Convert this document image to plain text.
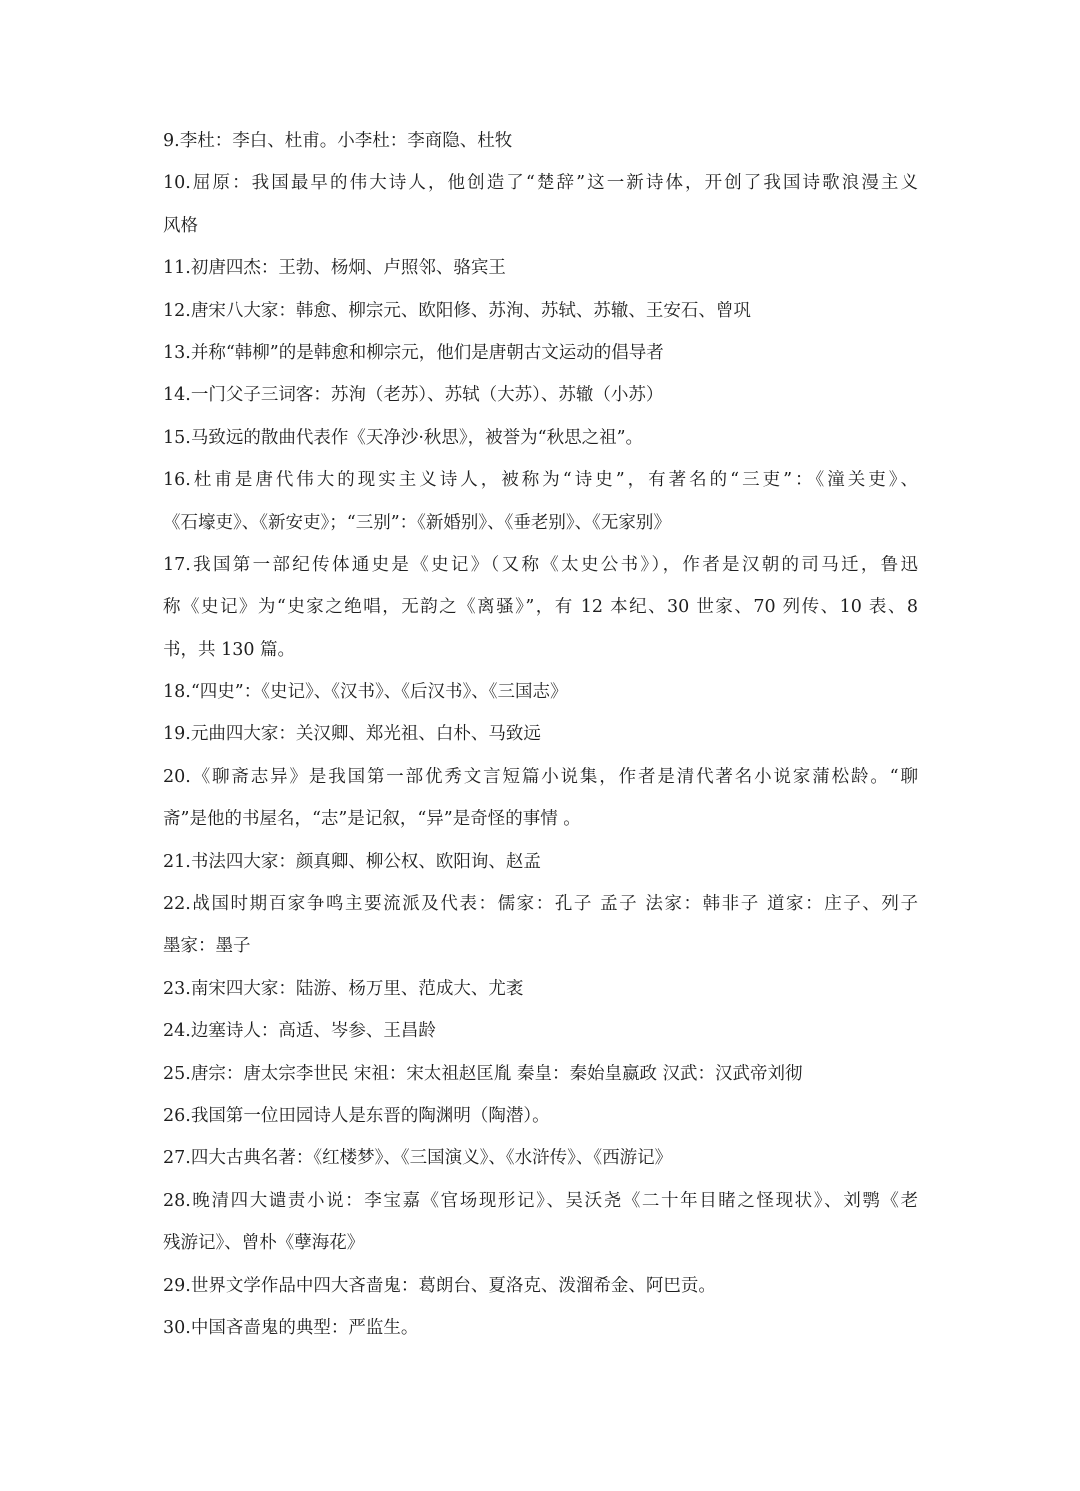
9.李杜：李白、杜甫。小李杜：李商隐、杜牧
10.屈原：我国最早的伟大诗人，他创造了“楚辞”这一新诗体，开创了我国诗歌浪漫主义
风格
11.初唐四杰：王勃、杨炯、卢照邻、骆宾王
12.唐宋八大家：韩愈、柳宗元、欧阳修、苏洵、苏轼、苏辙、王安石、曾巩
13.并称“韩柳”的是韩愈和柳宗元，他们是唐朝古文运动的倡导者
14.一门父子三词客：苏洵（老苏）、苏轼（大苏）、苏辙（小苏）
15.马致远的散曲代表作《天净沙·秋思》，被誉为“秋思之祖”。
16.杜甫是唐代伟大的现实主义诗人，被称为“诗史”，有著名的“三吏”：《潼关吏》、
《石壕吏》、《新安吏》；“三别”：《新婚别》、《垂老别》、《无家别》
17.我国第一部纪传体通史是《史记》（又称《太史公书》），作者是汉朝的司马迁，鲁迅
称《史记》为“史家之绝唱，无韵之《离骚》”，有 12 本纪、30 世家、70 列传、10 表、8
书，共 130 篇。
18.“四史”：《史记》、《汉书》、《后汉书》、《三国志》
19.元曲四大家：关汉卿、郑光祖、白朴、马致远
20.《聊斋志异》是我国第一部优秀文言短篇小说集，作者是清代著名小说家蒲松龄。“聊
斋”是他的书屋名，“志”是记叙，“异”是奇怪的事情 。
21.书法四大家：颜真卿、柳公权、欧阳询、赵孟
22.战国时期百家争鸣主要流派及代表：儒家：孔子 孟子 法家：韩非子 道家：庄子、列子
墨家：墨子
23.南宋四大家：陆游、杨万里、范成大、尤袤
24.边塞诗人：高适、岑参、王昌龄
25.唐宗：唐太宗李世民 宋祖：宋太祖赵匡胤 秦皇：秦始皇嬴政 汉武：汉武帝刘彻
26.我国第一位田园诗人是东晋的陶渊明（陶潜）。
27.四大古典名著：《红楼梦》、《三国演义》、《水浒传》、《西游记》
28.晚清四大谴责小说：李宝嘉《官场现形记》、吴沃尧《二十年目睹之怪现状》、刘鹗《老
残游记》、曾朴《孽海花》
29.世界文学作品中四大吝啬鬼：葛朗台、夏洛克、泼溜希金、阿巴贡。
30.中国吝啬鬼的典型：严监生。
